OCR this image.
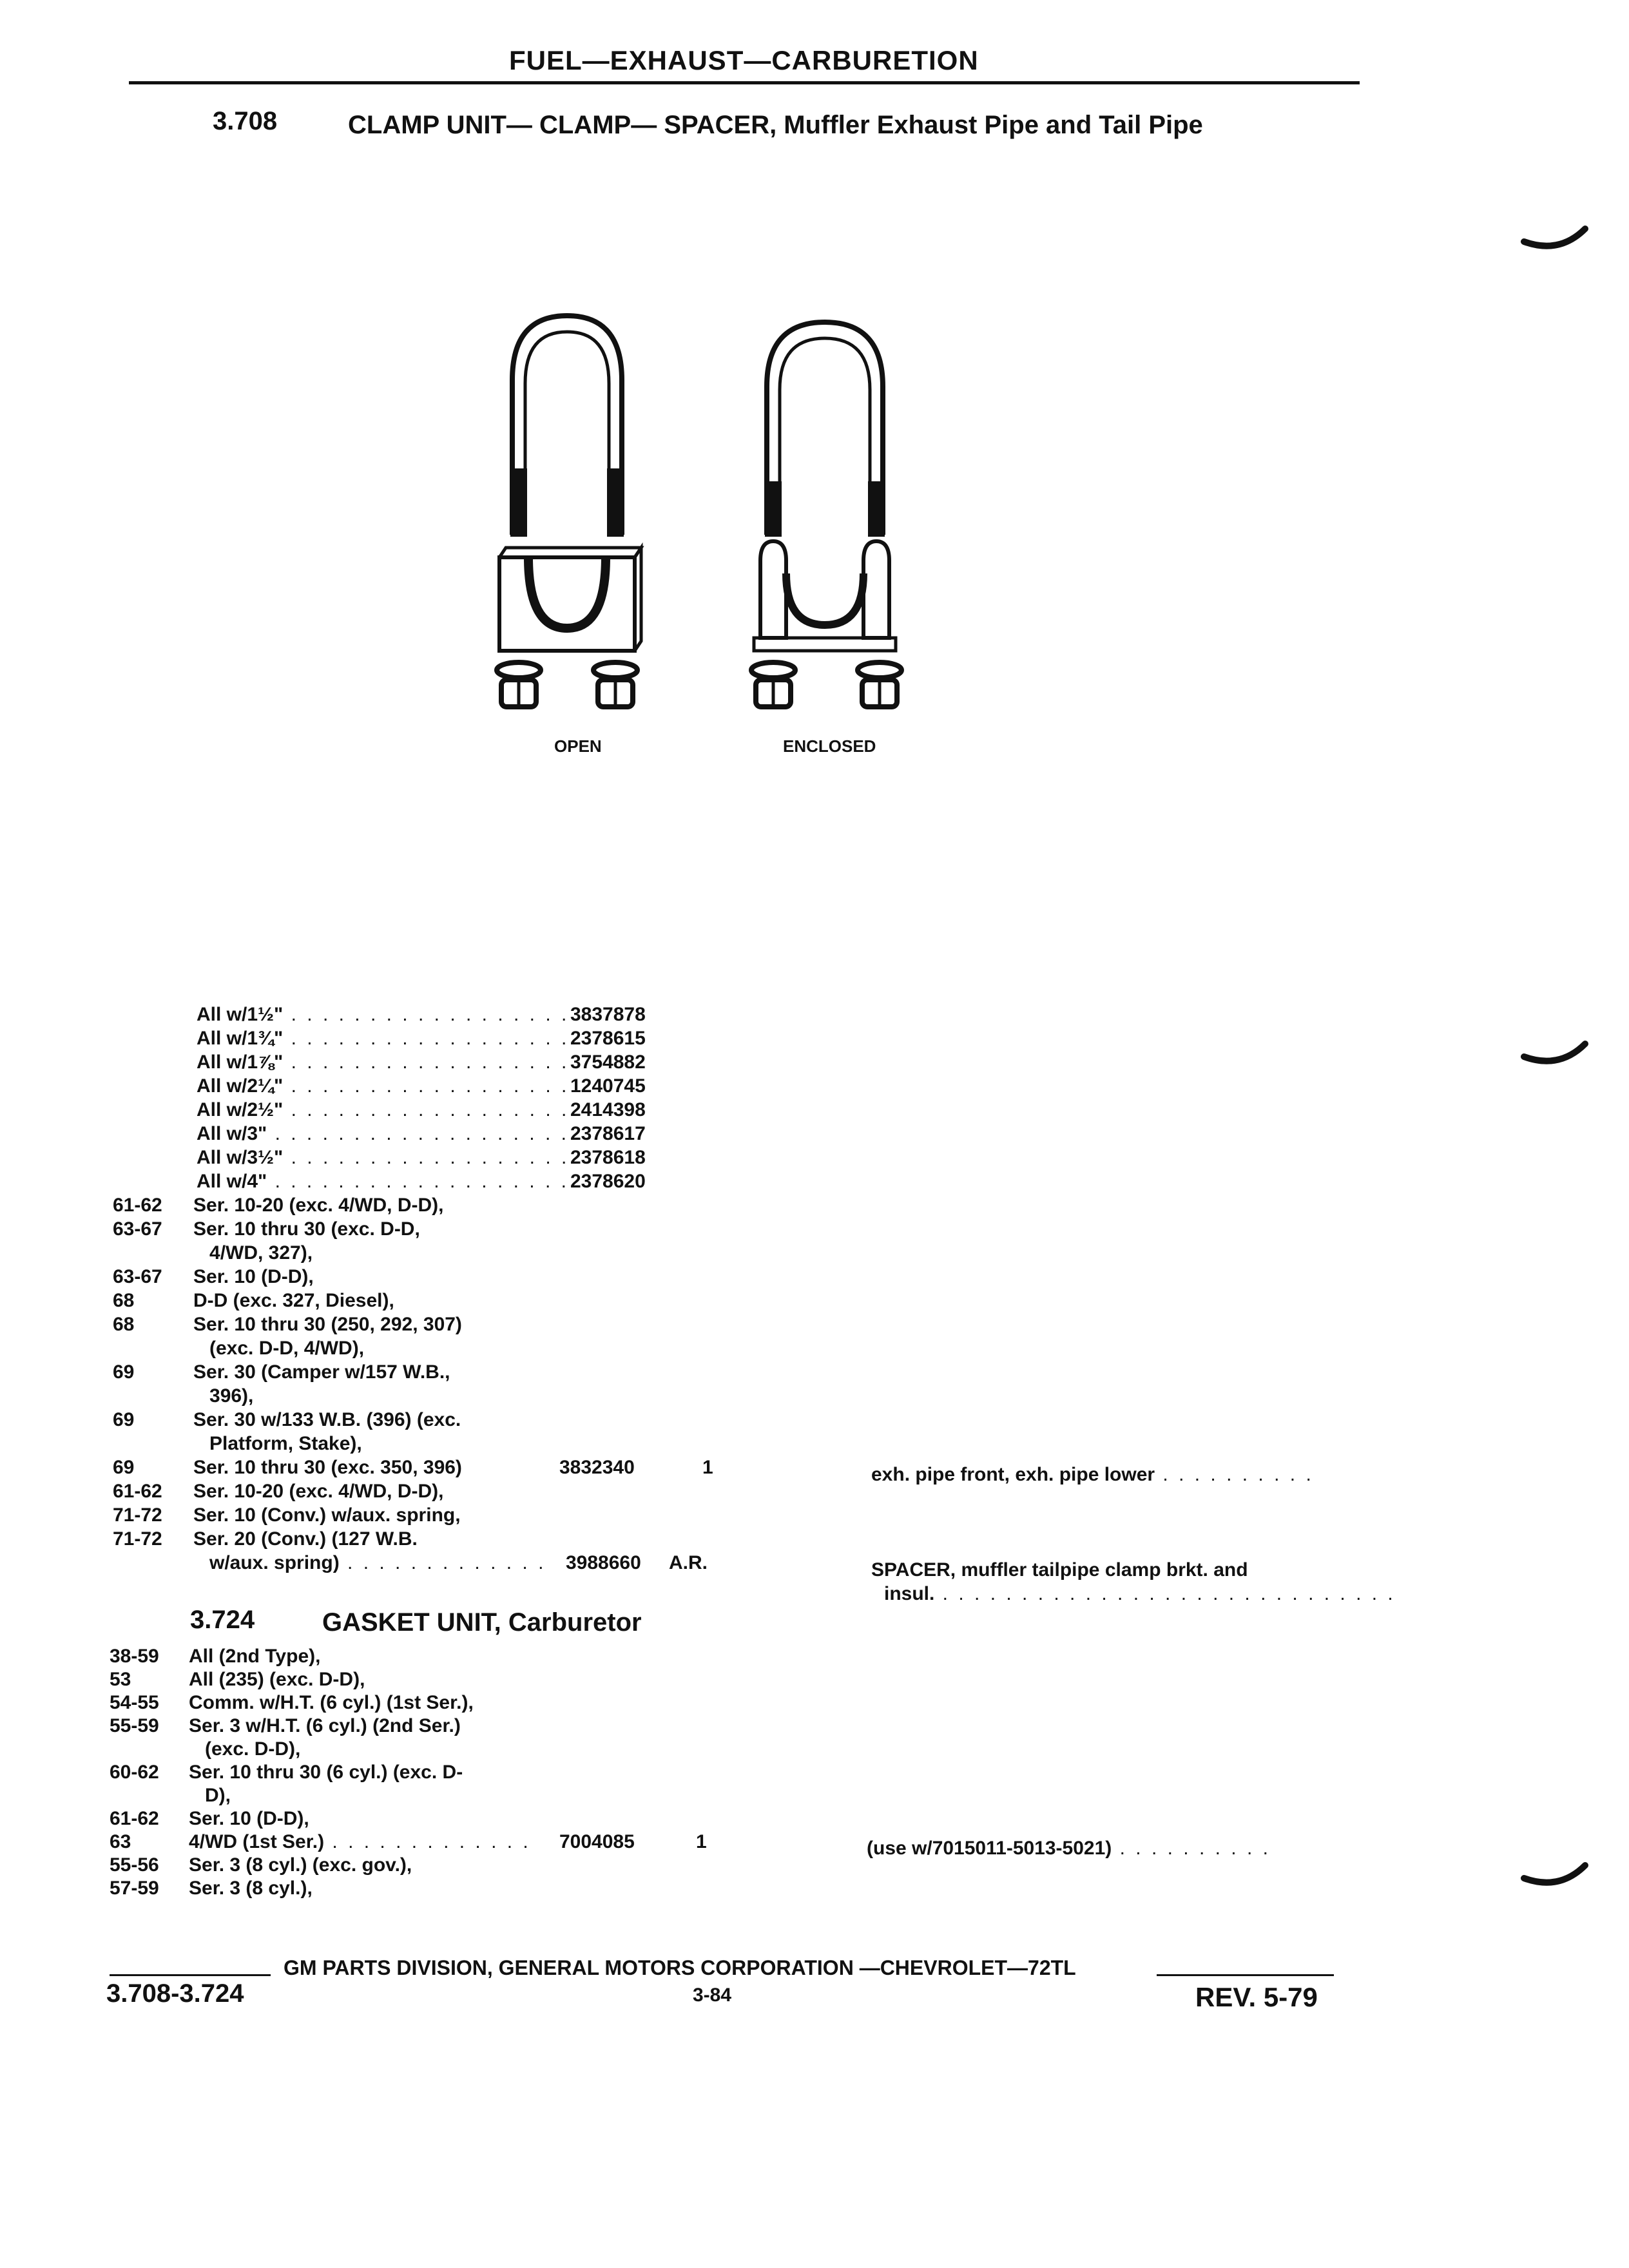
FUEL—EXHAUST—CARBURETION
3.708	CLAMP UNIT— CLAMP— SPACER, Muffler Exhaust Pipe and Tail Pipe
OPEN	ENCLOSED
All w/1½" . . . . . . . . . . . . . . . . . . 3837878
All w/1¾" . . . . . . . . . . . . . . . . . . 2378615
All w/1⅞" . . . . . . . . . . . . . . . . . . 3754882
All w/2¼" . . . . . . . . . . . . . . . . . . 1240745
All w/2½" . . . . . . . . . . . . . . . . . . 2414398
All w/3" . . . . . . . . . . . . . . . . . . . 2378617
All w/3½" . . . . . . . . . . . . . . . . . . 2378618
All w/4" . . . . . . . . . . . . . . . . . . . 2378620
61-62 Ser. 10-20 (exc. 4/WD, D-D),
63-67 Ser. 10 thru 30 (exc. D-D,
4/WD, 327),
63-67 Ser. 10 (D-D),
68	D-D (exc. 327, Diesel),
68	Ser. 10 thru 30 (250, 292, 307)
(exc. D-D, 4/WD),
69	Ser. 30 (Camper w/157 W.B.,
396),
69	Ser. 30 w/133 W.B. (396) (exc.
Platform, Stake),
69	Ser. 10 thru 30 (exc. 350, 396)	3832340	1	exh. pipe front, exh. pipe lower . . . . . . . . . .
61-62 Ser. 10-20 (exc. 4/WD, D-D),
71-72 Ser. 10 (Conv.) w/aux. spring,
71-72 Ser. 20 (Conv.) (127 W.B.
w/aux. spring) . . . . . . . . . . . . . 3988660 A.R.	SPACER, muffler tailpipe clamp brkt. and
insul. . . . . . . . . . . . . . . . . . . . . . . . . . . . . .
3.724	GASKET UNIT, Carburetor
38-59 All (2nd Type),
53	All (235) (exc. D-D),
54-55 Comm. w/H.T. (6 cyl.) (1st Ser.),
55-59 Ser. 3 w/H.T. (6 cyl.) (2nd Ser.)
(exc. D-D),
60-62 Ser. 10 thru 30 (6 cyl.) (exc. D-
D),
61-62 Ser. 10 (D-D),
63	4/WD (1st Ser.) . . . . . . . . . . . . . 7004085	1	(use w/7015011-5013-5021) . . . . . . . . . .
55-56 Ser. 3 (8 cyl.) (exc. gov.),
57-59 Ser. 3 (8 cyl.),
GM PARTS DIVISION, GENERAL MOTORS CORPORATION —CHEVROLET—72TL
3.708-3.724	3-84	REV. 5-79
